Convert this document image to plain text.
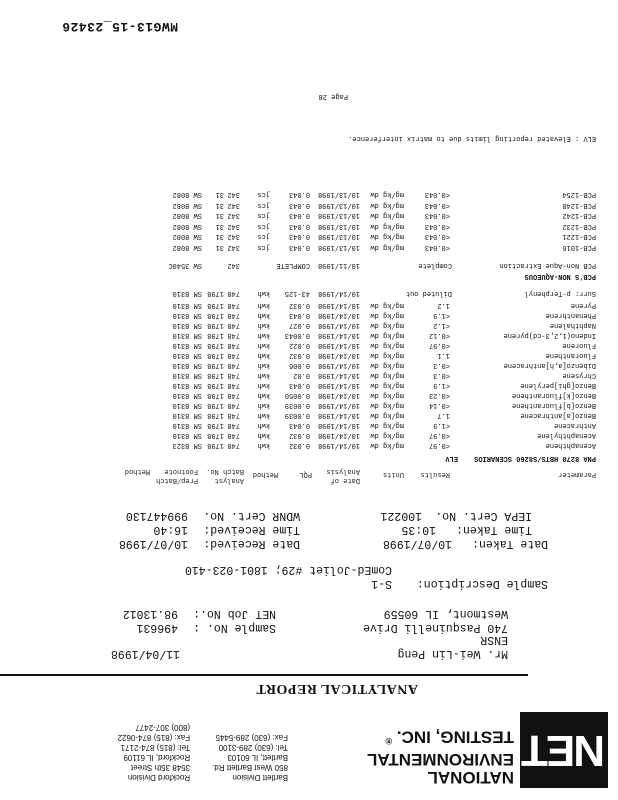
NET
NATIONAL
ENVIRONMENTAL
TESTING, INC. ®
Bartlett Division
850 West Bartlett Rd.
Bartlett, IL 60103
Tel: (630) 289-3100
Fax: (630) 289-5445
Rockford Division
3548 35th Street
Rockford, IL 61109
Tel: (815) 874-2171
Fax: (815) 874-0622
(800) 307-2477
ANALYTICAL REPORT
Mr. Wei-Lin Peng
11/04/1998
ENSR
740 Pasquinelli Drive
Sample No. :
496631
Westmont, IL 60559
NET Job No.:
98.13012
Sample Description:
S-1
ComEd-Joliet #29; 1801-023-410
Date Taken:
10/07/1998
Date Received:
10/07/1998
Time Taken:
10:35
Time Received:
16:40
IEPA Cert. No.
100221
WDNR Cert. No.
999447130
Parameter
Results
Units
Date of
Analysis
PQL
Method
Analyst
Batch No.
Prep/Batch
Footnote
Method
PNA 8270 HBTS/S8260 SCENARIOS
ELV
Acenaphthene
<0.97
mg/kg dw
10/14/1998
0.032
kwh
748
1798
SM 8323
Acenaphthylene
<0.97
mg/kg dw
10/14/1998
0.032
kwh
748
1798
SM 8310
Anthracene
<1.9
mg/kg dw
10/14/1998
0.043
kwh
748
1798
SM 8310
Benzo[a]anthracene
1.7
mg/kg dw
10/14/1998
0.0039
kwh
748
1798
SM 8310
Benzo[b]fluoranthene
<0.14
mg/kg dw
10/14/1998
0.0039
kwh
748
1798
SM 8310
Benzo[k]fluoranthene
<0.23
mg/kg dw
10/14/1998
0.0050
kwh
748
1798
SM 8310
Benzo[ghi]perylene
<1.9
mg/kg dw
10/14/1998
0.043
kwh
748
1798
SM 8310
Chrysene
<0.3
mg/kg dw
10/14/1998
0.02
kwh
748
1798
SM 8310
Dibenzo[a,h]anthracene
<0.3
mg/kg dw
10/14/1998
0.006
kwh
748
1798
SM 8310
Fluoranthene
1.1
mg/kg dw
10/14/1998
0.032
kwh
748
1798
SM 8310
Fluorene
<0.97
mg/kg dw
10/14/1998
0.022
kwh
748
1798
SM 8310
Indeno(1,2,3-cd)pyrene
<0.12
mg/kg dw
10/14/1998
0.0043
kwh
748
1798
SM 8310
Naphthalene
<1.2
mg/kg dw
10/14/1998
0.027
kwh
748
1798
SM 8310
Phenanthrene
<1.9
mg/kg dw
10/14/1998
0.043
kwh
748
1798
SM 8310
Pyrene
1.2
mg/kg dw
10/14/1998
0.032
kwh
748
1798
SM 8310
Surr: p-Terphenyl
Diluted out
10/14/1998
43-125
kwh
748
1798
SM 8310
PCB'S NON-AQUEOUS
PCB Non-Aque Extraction
Complete
10/11/1998
COMPLETE
342
SW 3540C
PCB-1016
<0.043
mg/kg dw
10/13/1998
0.043
jcs
342
31
SW 8082
PCB-1221
<0.043
mg/kg dw
10/13/1998
0.043
jcs
342
31
SW 8082
PCB-1232
<0.043
mg/kg dw
10/13/1998
0.043
jcs
342
31
SW 8082
PCB-1242
<0.043
mg/kg dw
10/13/1998
0.043
jcs
342
31
SW 8082
PCB-1248
<0.043
mg/kg dw
10/13/1998
0.043
jcs
342
31
SW 8082
PCB-1254
<0.043
mg/kg dw
10/13/1998
0.043
jcs
342
31
SW 8082
ELV : Elevated reporting limits due to matrix interference.
Page 28
MWG13-15_23426
